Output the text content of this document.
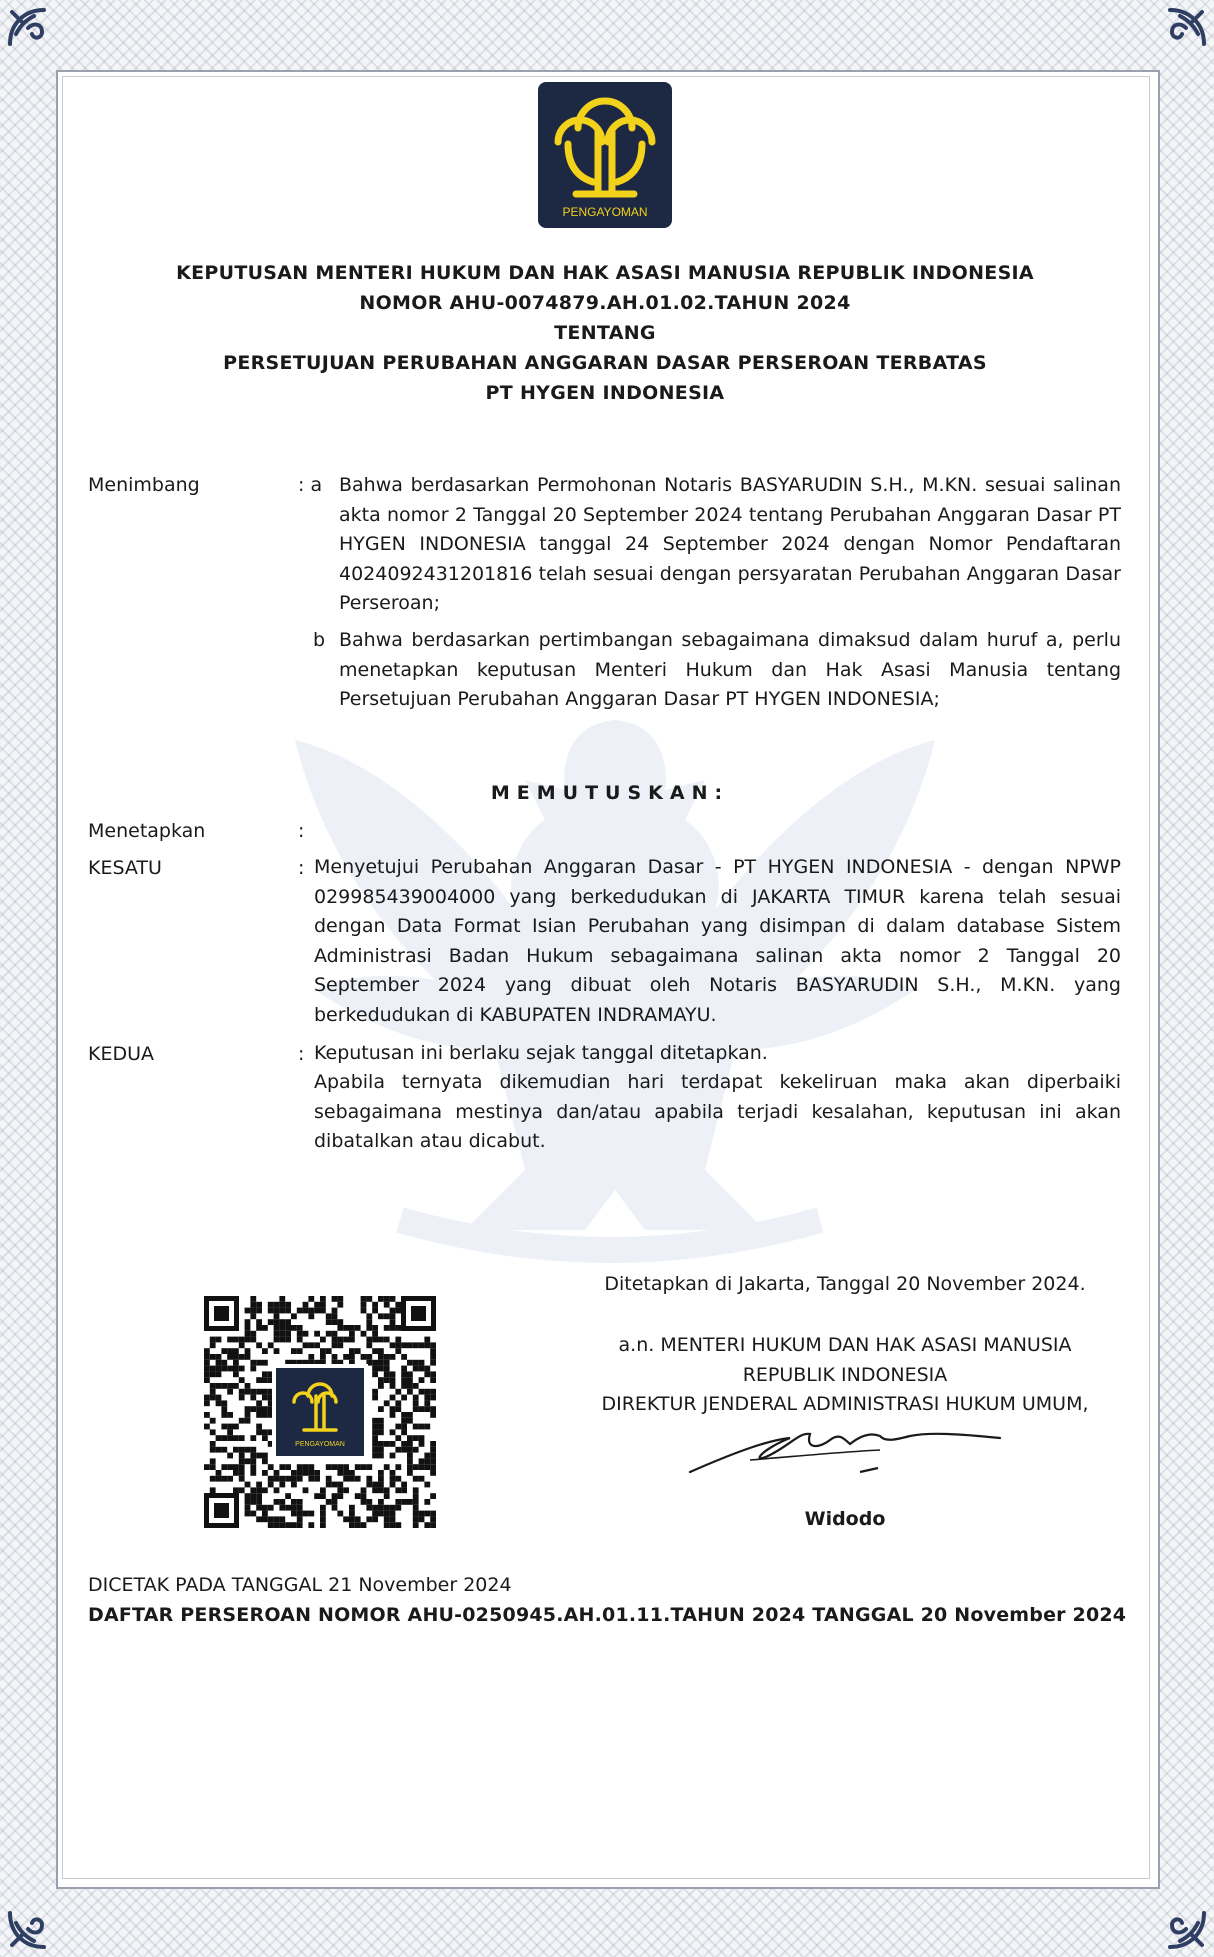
PENGAYOMAN
KEPUTUSAN MENTERI HUKUM DAN HAK ASASI MANUSIA REPUBLIK INDONESIA
NOMOR AHU-0074879.AH.01.02.TAHUN 2024
TENTANG
PERSETUJUAN PERUBAHAN ANGGARAN DASAR PERSEROAN TERBATAS
PT HYGEN INDONESIA
Menimbang	: a Bahwa berdasarkan Permohonan Notaris BASYARUDIN S.H., M.KN. sesuai salinan akta nomor 2 Tanggal 20 September 2024 tentang Perubahan Anggaran Dasar PT HYGEN INDONESIA tanggal 24 September 2024 dengan Nomor Pendaftaran 4024092431201816 telah sesuai dengan persyaratan Perubahan Anggaran Dasar Perseroan;
b Bahwa berdasarkan pertimbangan sebagaimana dimaksud dalam huruf a, perlu menetapkan keputusan Menteri Hukum dan Hak Asasi Manusia tentang Persetujuan Perubahan Anggaran Dasar PT HYGEN INDONESIA;
MEMUTUSKAN:
Menetapkan	:
KESATU	: Menyetujui Perubahan Anggaran Dasar - PT HYGEN INDONESIA - dengan NPWP 029985439004000 yang berkedudukan di JAKARTA TIMUR karena telah sesuai dengan Data Format Isian Perubahan yang disimpan di dalam database Sistem Administrasi Badan Hukum sebagaimana salinan akta nomor 2 Tanggal 20 September 2024 yang dibuat oleh Notaris BASYARUDIN S.H., M.KN. yang berkedudukan di KABUPATEN INDRAMAYU.
KEDUA	: Keputusan ini berlaku sejak tanggal ditetapkan.
Apabila ternyata dikemudian hari terdapat kekeliruan maka akan diperbaiki sebagaimana mestinya dan/atau apabila terjadi kesalahan, keputusan ini akan dibatalkan atau dicabut.
PENGAYOMAN
Ditetapkan di Jakarta, Tanggal 20 November 2024.
a.n. MENTERI HUKUM DAN HAK ASASI MANUSIA
REPUBLIK INDONESIA
DIREKTUR JENDERAL ADMINISTRASI HUKUM UMUM,
Widodo
DICETAK PADA TANGGAL 21 November 2024
DAFTAR PERSEROAN NOMOR AHU-0250945.AH.01.11.TAHUN 2024 TANGGAL 20 November 2024
